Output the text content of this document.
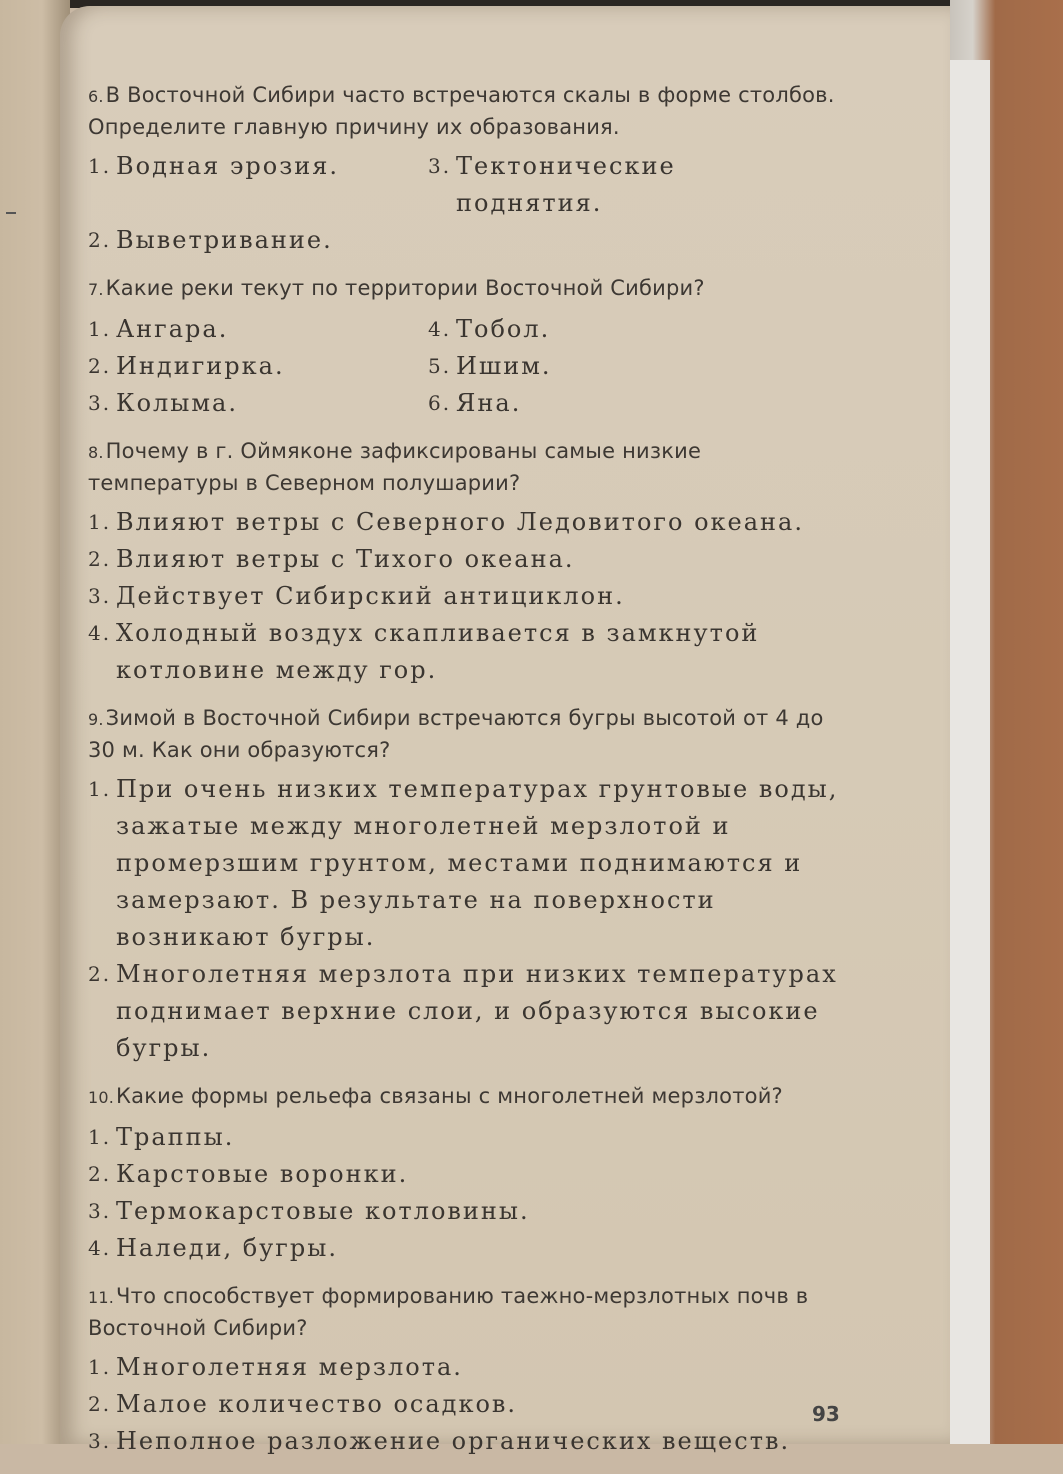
6.В Восточной Сибири часто встречаются скалы в форме столбов. Определите главную причину их образования.

1. Водная эрозия.	3. Тектонические поднятия.
2. Выветривание.

7.Какие реки текут по территории Восточной Сибири?

1. Ангара.	4. Тобол.
2. Индигирка.	5. Ишим.
3. Колыма.	6. Яна.

8.Почему в г. Оймяконе зафиксированы самые низкие температуры в Северном полушарии?

1. Влияют ветры с Северного Ледовитого океана.
2. Влияют ветры с Тихого океана.
3. Действует Сибирский антициклон.
4. Холодный воздух скапливается в замкнутой котловине между гор.

9.Зимой в Восточной Сибири встречаются бугры высотой от 4 до 30 м. Как они образуются?

1. При очень низких температурах грунтовые воды, зажатые между многолетней мерзлотой и промерзшим грунтом, местами поднимаются и замерзают. В результате на поверхности возникают бугры.
2. Многолетняя мерзлота при низких температурах поднимает верхние слои, и образуются высокие бугры.

10.Какие формы рельефа связаны с многолетней мерзлотой?

1. Траппы.
2. Карстовые воронки.
3. Термокарстовые котловины.
4. Наледи, бугры.

11.Что способствует формированию таежно-мерзлотных почв в Восточной Сибири?

1. Многолетняя мерзлота.
2. Малое количество осадков.
3. Неполное разложение органических веществ.
93
